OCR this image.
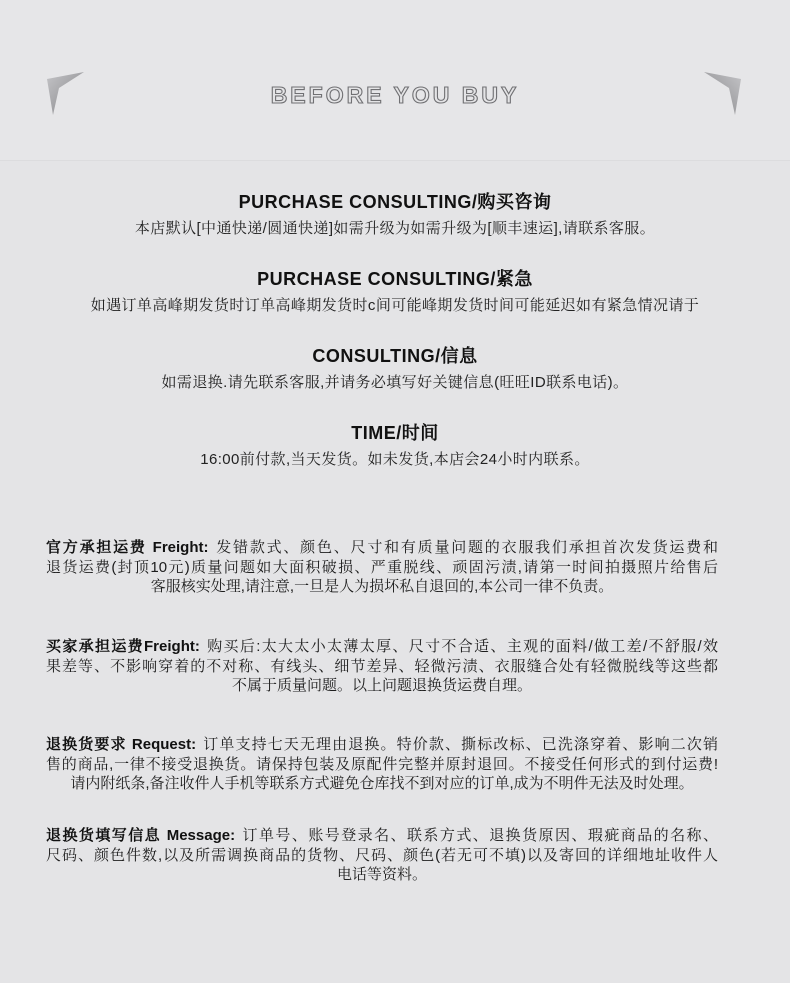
BEFORE YOU BUY
PURCHASE CONSULTING/购买咨询
本店默认[中通快递/圆通快递]如需升级为如需升级为[顺丰速运],请联系客服。
PURCHASE CONSULTING/紧急
如遇订单高峰期发货时订单高峰期发货时c间可能峰期发货时间可能延迟如有紧急情况请于
CONSULTING/信息
如需退换.请先联系客服,并请务必填写好关键信息(旺旺ID联系电话)。
TIME/时间
16:00前付款,当天发货。如未发货,本店会24小时内联系。
官方承担运费 Freight: 发错款式、颜色、尺寸和有质量问题的衣服我们承担首次发货运费和
退货运费(封顶10元)质量问题如大面积破损、严重脱线、顽固污渍,请第一时间拍摄照片给售后
客服核实处理,请注意,一旦是人为损坏私自退回的,本公司一律不负责。
买家承担运费Freight: 购买后:太大太小太薄太厚、尺寸不合适、主观的面料/做工差/不舒服/效
果差等、不影响穿着的不对称、有线头、细节差异、轻微污渍、衣服缝合处有轻微脱线等这些都
不属于质量问题。以上问题退换货运费自理。
退换货要求 Request: 订单支持七天无理由退换。特价款、撕标改标、已洗涤穿着、影响二次销
售的商品,一律不接受退换货。请保持包装及原配件完整并原封退回。不接受任何形式的到付运费!
请内附纸条,备注收件人手机等联系方式避免仓库找不到对应的订单,成为不明件无法及时处理。
退换货填写信息 Message: 订单号、账号登录名、联系方式、退换货原因、瑕疵商品的名称、
尺码、颜色件数,以及所需调换商品的货物、尺码、颜色(若无可不填)以及寄回的详细地址收件人
电话等资料。
